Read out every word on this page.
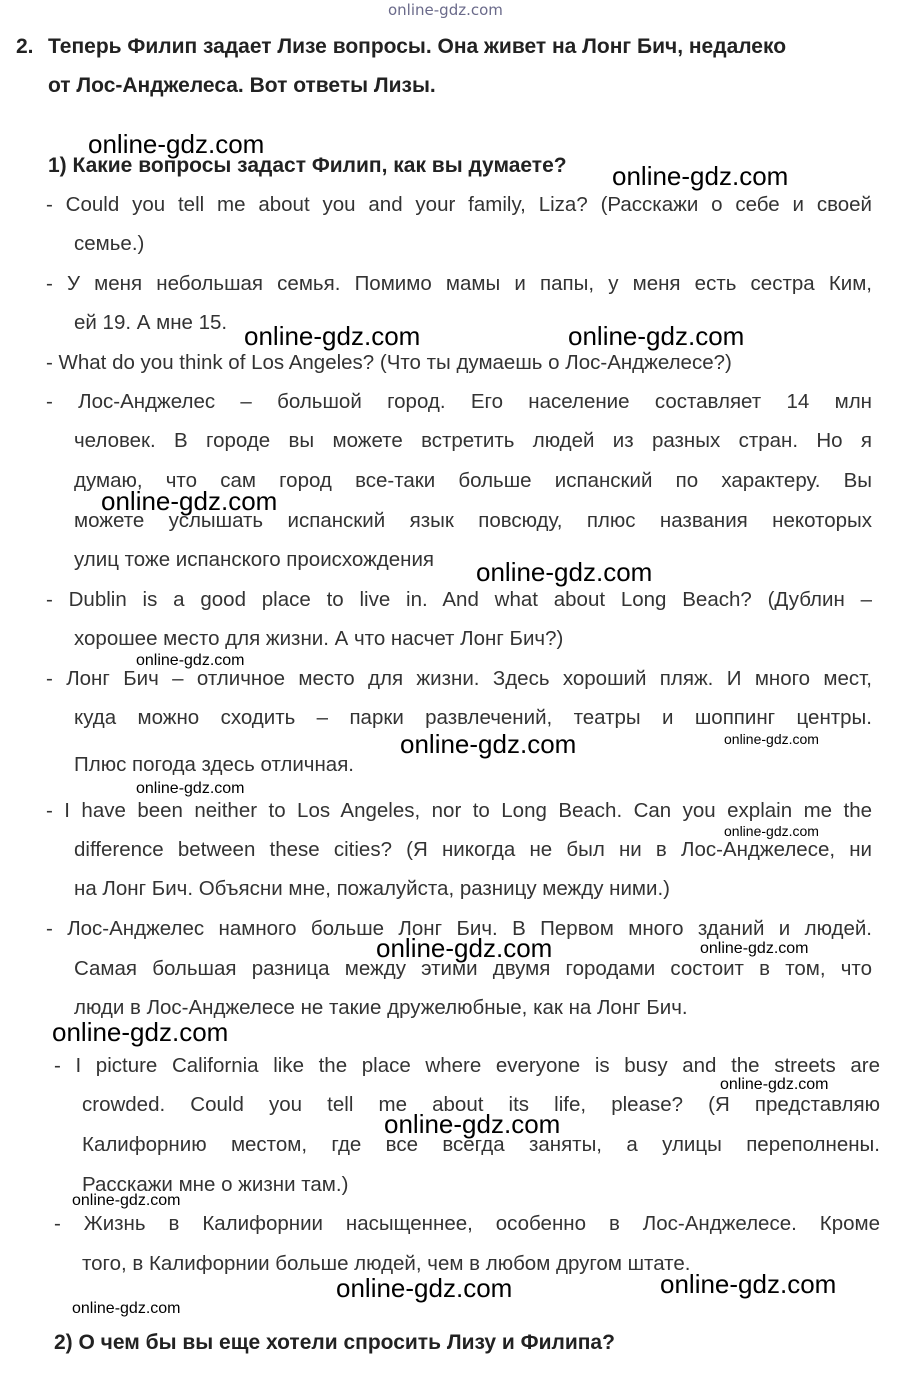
online-gdz.com
2. Теперь Филип задает Лизе вопросы. Она живет на Лонг Бич, недалеко
от Лос-Анджелеса. Вот ответы Лизы.
1) Какие вопросы задаст Филип, как вы думаете?
- Could you tell me about you and your family, Liza? (Расскажи о себе и своей
семье.)
- У меня небольшая семья. Помимо мамы и папы, у меня есть сестра Ким,
ей 19. А мне 15.
- What do you think of Los Angeles? (Что ты думаешь о Лос-Анджелесе?)
- Лос-Анджелес – большой город. Его население составляет 14 млн
человек. В городе вы можете встретить людей из разных стран. Но я
думаю, что сам город все-таки больше испанский по характеру. Вы
можете услышать испанский язык повсюду, плюс названия некоторых
улиц тоже испанского происхождения
- Dublin is a good place to live in. And what about Long Beach? (Дублин –
хорошее место для жизни. А что насчет Лонг Бич?)
- Лонг Бич – отличное место для жизни. Здесь хороший пляж. И много мест,
куда можно сходить – парки развлечений, театры и шоппинг центры.
Плюс погода здесь отличная.
- I have been neither to Los Angeles, nor to Long Beach. Can you explain me the
difference between these cities? (Я никогда не был ни в Лос-Анджелесе, ни
на Лонг Бич. Объясни мне, пожалуйста, разницу между ними.)
- Лос-Анджелес намного больше Лонг Бич. В Первом много зданий и людей.
Самая большая разница между этими двумя городами состоит в том, что
люди в Лос-Анджелесе не такие дружелюбные, как на Лонг Бич.
- I picture California like the place where everyone is busy and the streets are
crowded. Could you tell me about its life, please? (Я представляю
Калифорнию местом, где все всегда заняты, а улицы переполнены.
Расскажи мне о жизни там.)
- Жизнь в Калифорнии насыщеннее, особенно в Лос-Анджелесе. Кроме
того, в Калифорнии больше людей, чем в любом другом штате.
2) О чем бы вы еще хотели спросить Лизу и Филипа?
online-gdz.com
online-gdz.com
online-gdz.com	online-gdz.com
online-gdz.com
online-gdz.com
online-gdz.com
online-gdz.com	online-gdz.com
online-gdz.com
online-gdz.com
online-gdz.com	online-gdz.com
online-gdz.com
online-gdz.com
online-gdz.com
online-gdz.com
online-gdz.com	online-gdz.com
online-gdz.com
